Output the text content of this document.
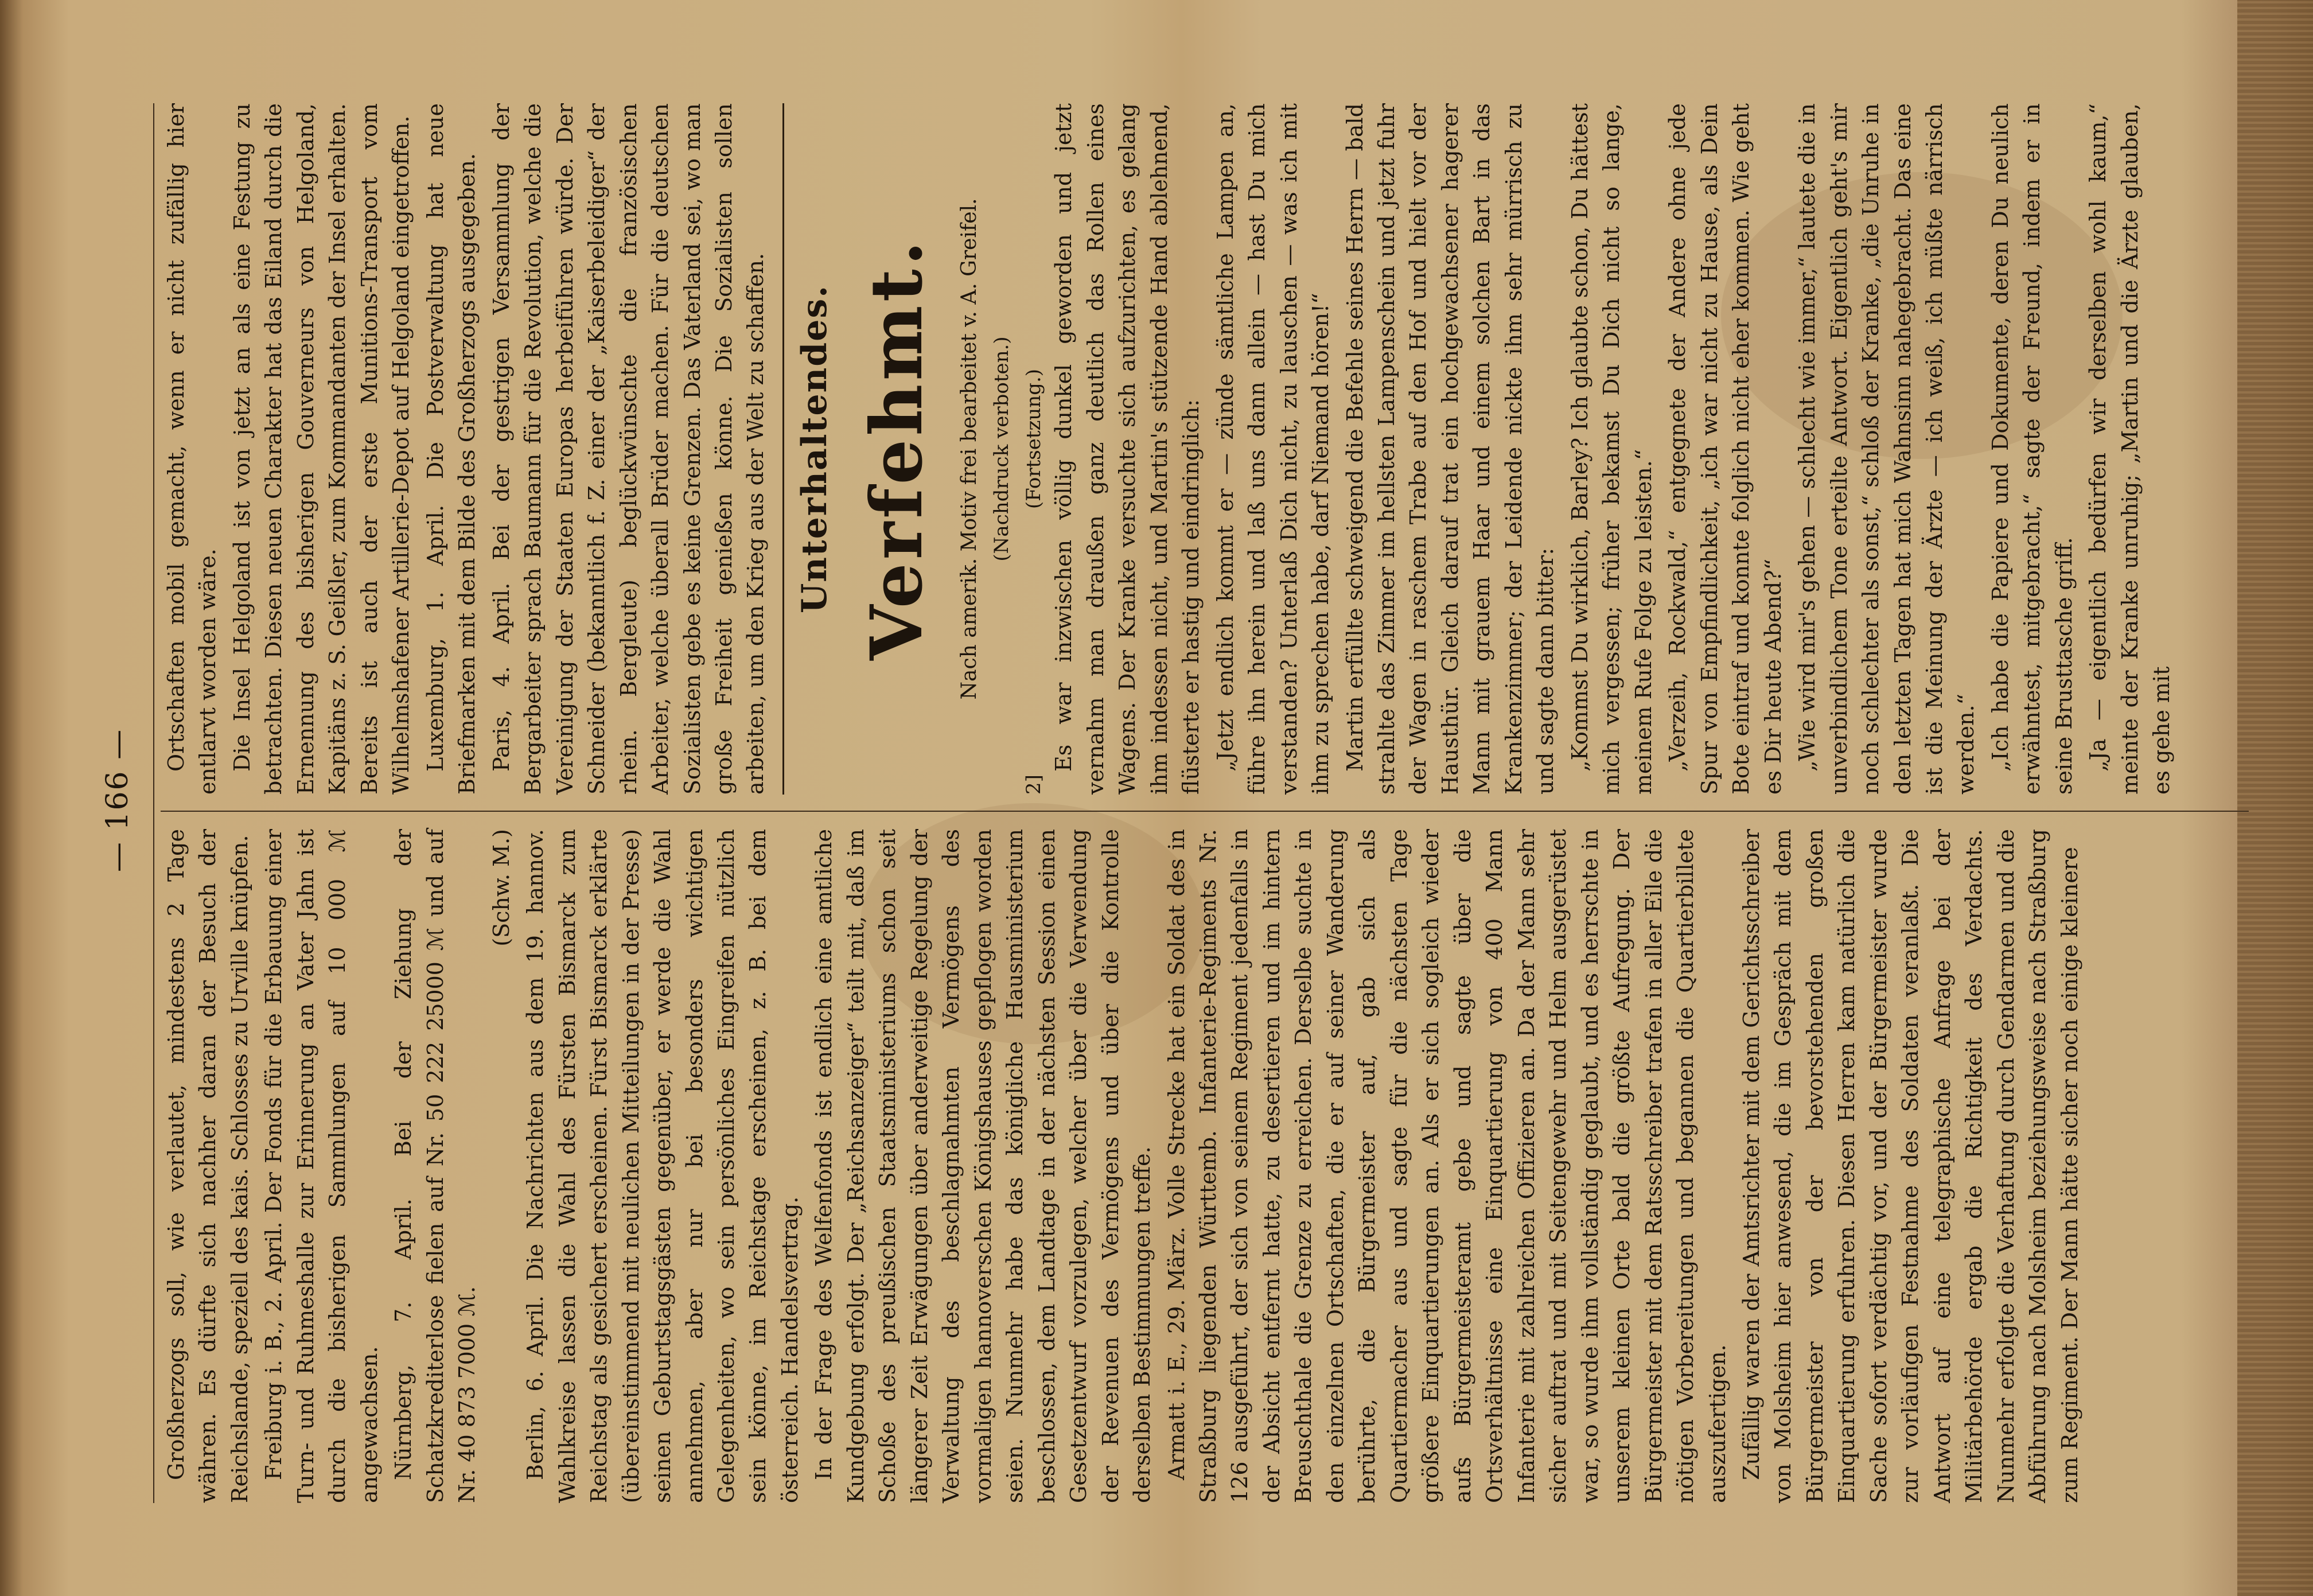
— 166 —

Großherzogs soll, wie verlautet, mindestens 2 Tage währen. Es dürfte sich nachher daran der Besuch der Reichslande, speziell des kais. Schlosses zu Urville knüpfen. Freiburg i. B., 2. April. Der Fonds für die Erbauung einer Turn- und Ruhmeshalle zur Erinnerung an Vater Jahn ist durch die bisherigen Sammlungen auf 10 000 ℳ angewachsen. Nürnberg, 7. April. Bei der Ziehung der Schatzkrediterlose fielen auf Nr. 50 222 25000 ℳ und auf Nr. 40 873 7000 ℳ.

(Schw. M.) Berlin, 6. April. Die Nachrichten aus dem 19. hannov. Wahlkreise lassen die Wahl des Fürsten Bismarck zum Reichstag als gesichert erscheinen. Fürst Bismarck erklärte (übereinstimmend mit neulichen Mitteilungen in der Presse) seinen Geburtstagsgästen gegenüber, er werde die Wahl annehmen, aber nur bei besonders wichtigen Gelegenheiten, wo sein persönliches Eingreifen nützlich sein könne, im Reichstage erscheinen, z. B. bei dem österreich. Handelsvertrag. In der Frage des Welfenfonds ist endlich eine amtliche Kundgebung erfolgt. Der „Reichsanzeiger“ teilt mit, daß im Schoße des preußischen Staatsministeriums schon seit längerer Zeit Erwägungen über anderweitige Regelung der Verwaltung des beschlagnahmten Vermögens des vormaligen hannoverschen Königshauses gepflogen worden seien. Nunmehr habe das königliche Hausministerium beschlossen, dem Landtage in der nächsten Session einen Gesetzentwurf vorzulegen, welcher über die Verwendung der Revenuen des Vermögens und über die Kontrolle derselben Bestimmungen treffe. Armatt i. E., 29. März. Volle Strecke hat ein Soldat des in Straßburg liegenden Württemb. Infanterie-Regiments Nr. 126 ausgeführt, der sich von seinem Regiment jedenfalls in der Absicht entfernt hatte, zu desertieren und im hintern Breuschthale die Grenze zu erreichen. Derselbe suchte in den einzelnen Ortschaften, die er auf seiner Wanderung berührte, die Bürgermeister auf, gab sich als Quartiermacher aus und sagte für die nächsten Tage größere Einquartierungen an. Als er sich sogleich wieder aufs Bürgermeisteramt gebe und sagte über die Ortsverhältnisse eine Einquartierung von 400 Mann Infanterie mit zahlreichen Offizieren an. Da der Mann sehr sicher auftrat und mit Seitengewehr und Helm ausgerüstet war, so wurde ihm vollständig geglaubt, und es herrschte in unserem kleinen Orte bald die größte Aufregung. Der Bürgermeister mit dem Ratsschreiber trafen in aller Eile die nötigen Vorbereitungen und begannen die Quartierbillete auszufertigen. Zufällig waren der Amtsrichter mit dem Gerichtsschreiber von Molsheim hier anwesend, die im Gespräch mit dem Bürgermeister von der bevorstehenden großen Einquartierung erfuhren. Diesen Herren kam natürlich die Sache sofort verdächtig vor, und der Bürgermeister wurde zur vorläufigen Festnahme des Soldaten veranlaßt. Die Antwort auf eine telegraphische Anfrage bei der Militärbehörde ergab die Richtigkeit des Verdachts. Nunmehr erfolgte die Verhaftung durch Gendarmen und die Abführung nach Molsheim beziehungsweise nach Straßburg zum Regiment. Der Mann hätte sicher noch einige kleinere

Ortschaften mobil gemacht, wenn er nicht zufällig hier entlarvt worden wäre. Die Insel Helgoland ist von jetzt an als eine Festung zu betrachten. Diesen neuen Charakter hat das Eiland durch die Ernennung des bisherigen Gouverneurs von Helgoland, Kapitäns z. S. Geißler, zum Kommandanten der Insel erhalten. Bereits ist auch der erste Munitions-Transport vom Wilhelmshafener Artillerie-Depot auf Helgoland eingetroffen. Luxemburg, 1. April. Die Postverwaltung hat neue Briefmarken mit dem Bilde des Großherzogs ausgegeben. Paris, 4. April. Bei der gestrigen Versammlung der Bergarbeiter sprach Baumann für die Revolution, welche die Vereinigung der Staaten Europas herbeiführen würde. Der Schneider (bekanntlich f. Z. einer der „Kaiserbeleidiger“ der rhein. Bergleute) beglückwünschte die französischen Arbeiter, welche überall Brüder machen. Für die deutschen Sozialisten gebe es keine Grenzen. Das Vaterland sei, wo man große Freiheit genießen könne. Die Sozialisten sollen arbeiten, um den Krieg aus der Welt zu schaffen. Unterhaltendes. Verfehmt. Nach amerik. Motiv frei bearbeitet v. A. Greifel. (Nachdruck verboten.)
2]
(Fortsetzung.) Es war inzwischen völlig dunkel geworden und jetzt vernahm man draußen ganz deutlich das Rollen eines Wagens. Der Kranke versuchte sich aufzurichten, es gelang ihm indessen nicht, und Martin's stützende Hand ablehnend, flüsterte er hastig und eindringlich: „Jetzt endlich kommt er — zünde sämtliche Lampen an, führe ihn herein und laß uns dann allein — hast Du mich verstanden? Unterlaß Dich nicht, zu lauschen — was ich mit ihm zu sprechen habe, darf Niemand hören!“ Martin erfüllte schweigend die Befehle seines Herrn — bald strahlte das Zimmer im hellsten Lampenschein und jetzt fuhr der Wagen in raschem Trabe auf den Hof und hielt vor der Hausthür. Gleich darauf trat ein hochgewachsener hagerer Mann mit grauem Haar und einem solchen Bart in das Krankenzimmer; der Leidende nickte ihm sehr mürrisch zu und sagte dann bitter: „Kommst Du wirklich, Barley? Ich glaubte schon, Du hättest mich vergessen; früher bekamst Du Dich nicht so lange, meinem Rufe Folge zu leisten.“ „Verzeih, Rockwald,“ entgegnete der Andere ohne jede Spur von Empfindlichkeit, „ich war nicht zu Hause, als Dein Bote eintraf und konnte folglich nicht eher kommen. Wie geht es Dir heute Abend?“ „Wie wird mir's gehen — schlecht wie immer,“ lautete die in unverbindlichem Tone erteilte Antwort. Eigentlich geht's mir noch schlechter als sonst,“ schloß der Kranke, „die Unruhe in den letzten Tagen hat mich Wahnsinn nahegebracht. Das eine ist die Meinung der Ärzte — ich weiß, ich müßte närrisch werden.“ „Ich habe die Papiere und Dokumente, deren Du neulich erwähntest, mitgebracht,“ sagte der Freund, indem er in seine Brusttasche griff. „Ja — eigentlich bedürfen wir derselben wohl kaum,“ meinte der Kranke unruhig; „Martin und die Ärzte glauben, es gehe mit
